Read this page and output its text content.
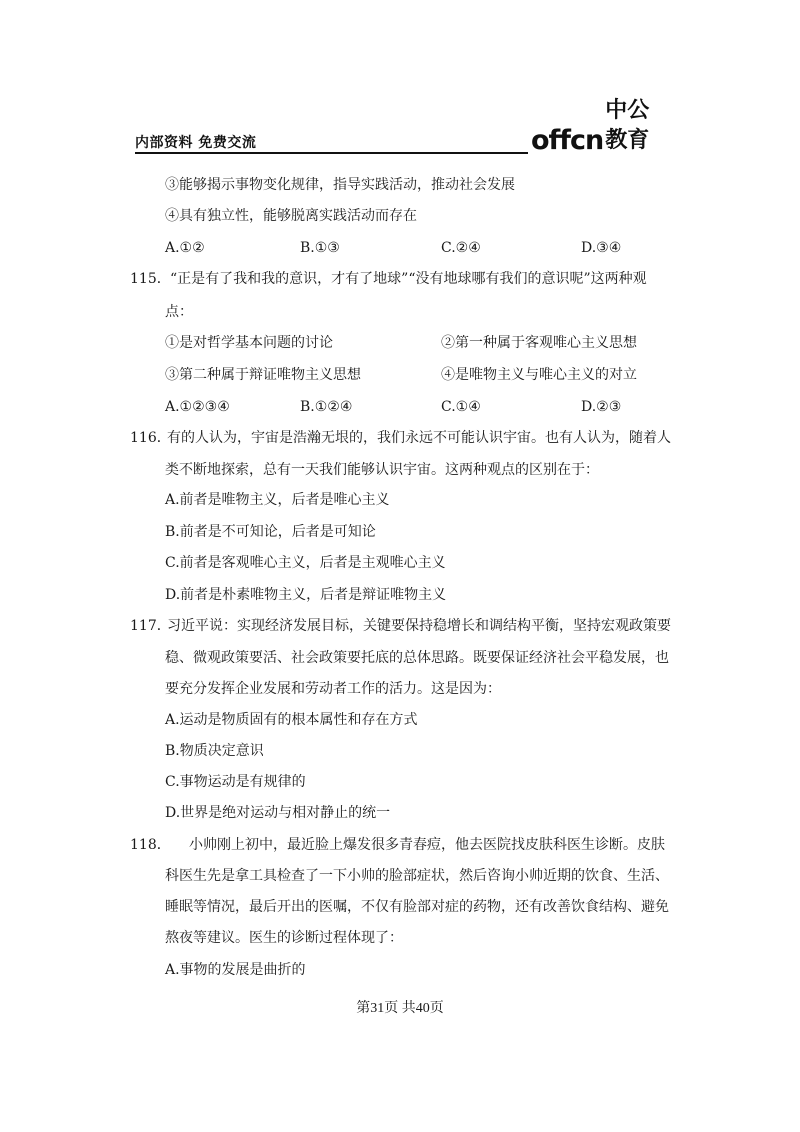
内部资料 免费交流	offcn
中公教育
③能够揭示事物变化规律，指导实践活动，推动社会发展
④具有独立性，能够脱离实践活动而存在
A.①②	B.①③	C.②④	D.③④
115． “正是有了我和我的意识，才有了地球”“没有地球哪有我们的意识呢”这两种观
点：
①是对哲学基本问题的讨论	②第一种属于客观唯心主义思想
③第二种属于辩证唯物主义思想	④是唯物主义与唯心主义的对立
A.①②③④	B.①②④	C.①④	D.②③
116．
有的人认为，宇宙是浩瀚无垠的，我们永远不可能认识宇宙。也有人认为，随着人
类不断地探索，总有一天我们能够认识宇宙。这两种观点的区别在于：
A.前者是唯物主义，后者是唯心主义
B.前者是不可知论，后者是可知论
C.前者是客观唯心主义，后者是主观唯心主义
D.前者是朴素唯物主义，后者是辩证唯物主义
117．
习近平说：实现经济发展目标，关键要保持稳增长和调结构平衡，坚持宏观政策要
稳、微观政策要活、社会政策要托底的总体思路。既要保证经济社会平稳发展，也
要充分发挥企业发展和劳动者工作的活力。这是因为：
A.运动是物质固有的根本属性和存在方式
B.物质决定意识
C.事物运动是有规律的
D.世界是绝对运动与相对静止的统一
118． 小帅刚上初中，最近脸上爆发很多青春痘，他去医院找皮肤科医生诊断。皮肤
科医生先是拿工具检查了一下小帅的脸部症状，然后咨询小帅近期的饮食、生活、
睡眠等情况，最后开出的医嘱，不仅有脸部对症的药物，还有改善饮食结构、避免
熬夜等建议。医生的诊断过程体现了：
A.事物的发展是曲折的
第31页 共40页
